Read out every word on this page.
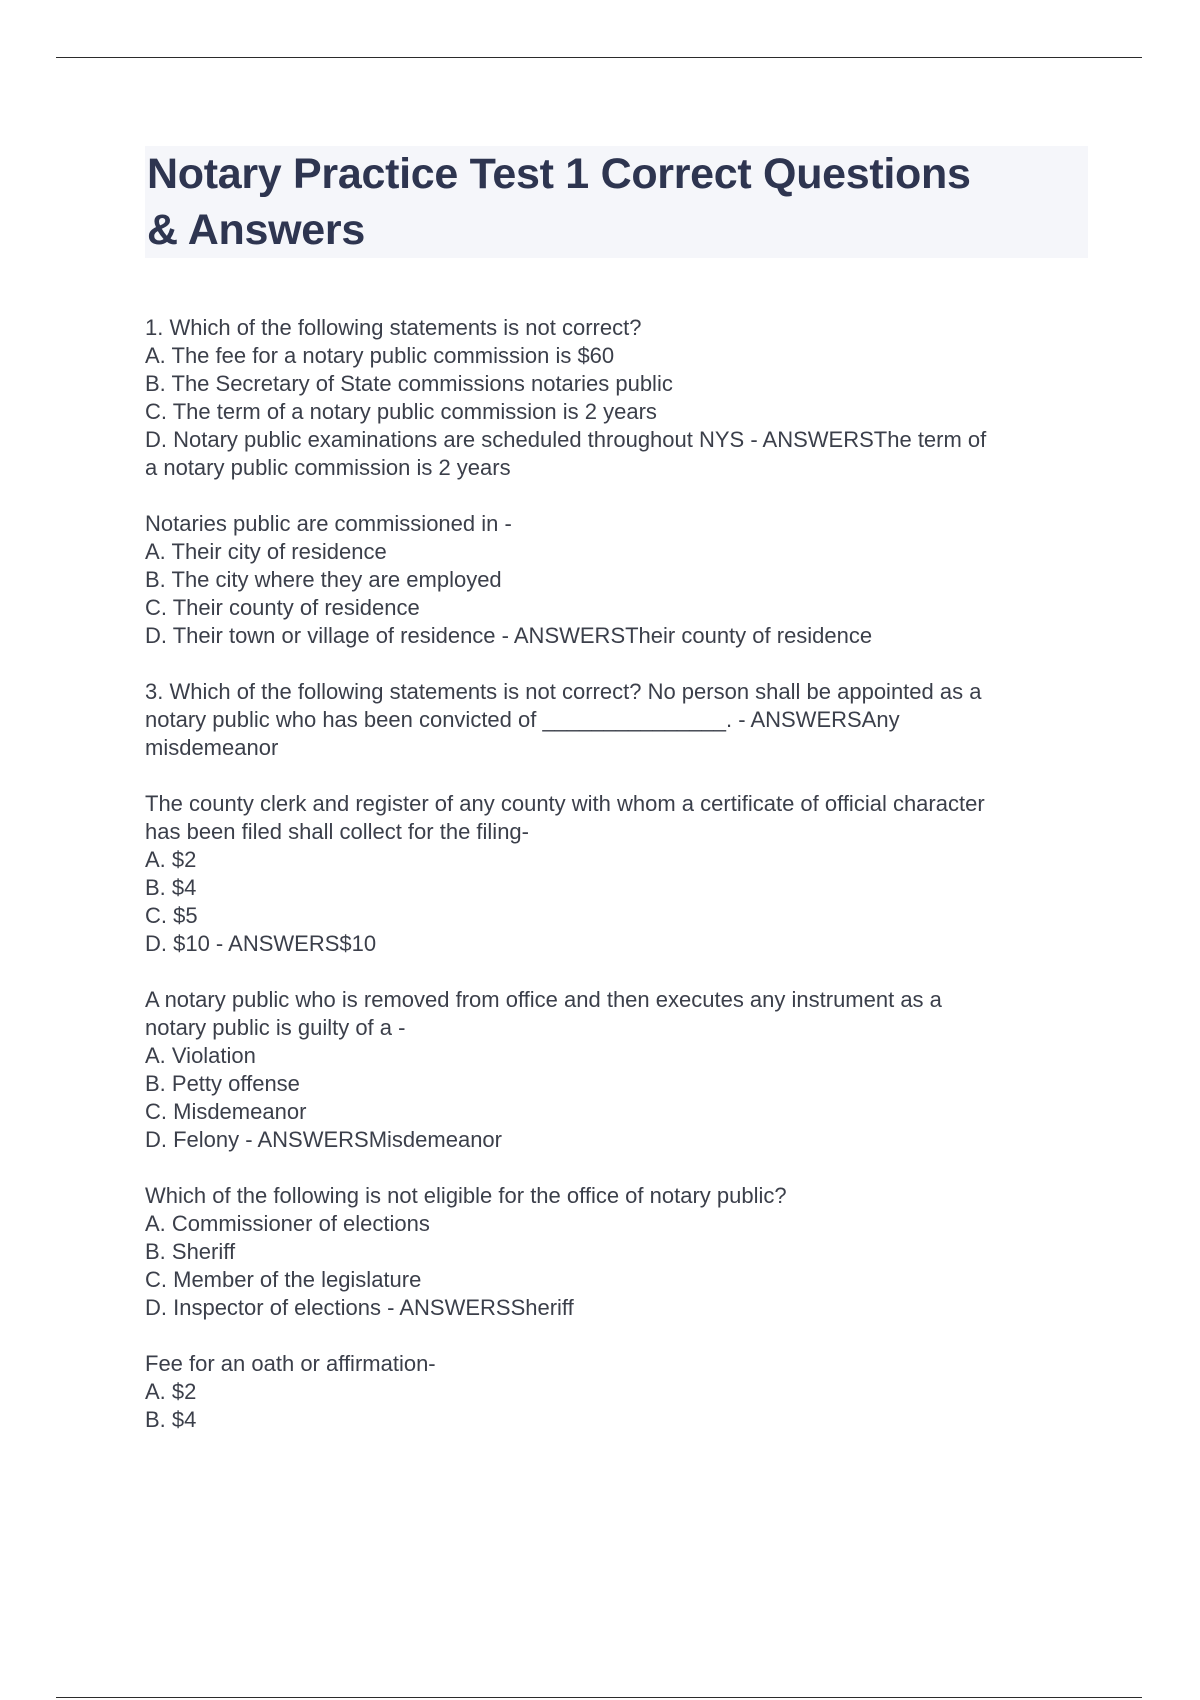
Notary Practice Test 1 Correct Questions
& Answers
1. Which of the following statements is not correct?
A. The fee for a notary public commission is $60
B. The Secretary of State commissions notaries public
C. The term of a notary public commission is 2 years
D. Notary public examinations are scheduled throughout NYS - ANSWERSThe term of
a notary public commission is 2 years
Notaries public are commissioned in -
A. Their city of residence
B. The city where they are employed
C. Their county of residence
D. Their town or village of residence - ANSWERSTheir county of residence
3. Which of the following statements is not correct? No person shall be appointed as a
notary public who has been convicted of _______________. - ANSWERSAny
misdemeanor
The county clerk and register of any county with whom a certificate of official character
has been filed shall collect for the filing-
A. $2
B. $4
C. $5
D. $10 - ANSWERS$10
A notary public who is removed from office and then executes any instrument as a
notary public is guilty of a -
A. Violation
B. Petty offense
C. Misdemeanor
D. Felony - ANSWERSMisdemeanor
Which of the following is not eligible for the office of notary public?
A. Commissioner of elections
B. Sheriff
C. Member of the legislature
D. Inspector of elections - ANSWERSSheriff
Fee for an oath or affirmation-
A. $2
B. $4
